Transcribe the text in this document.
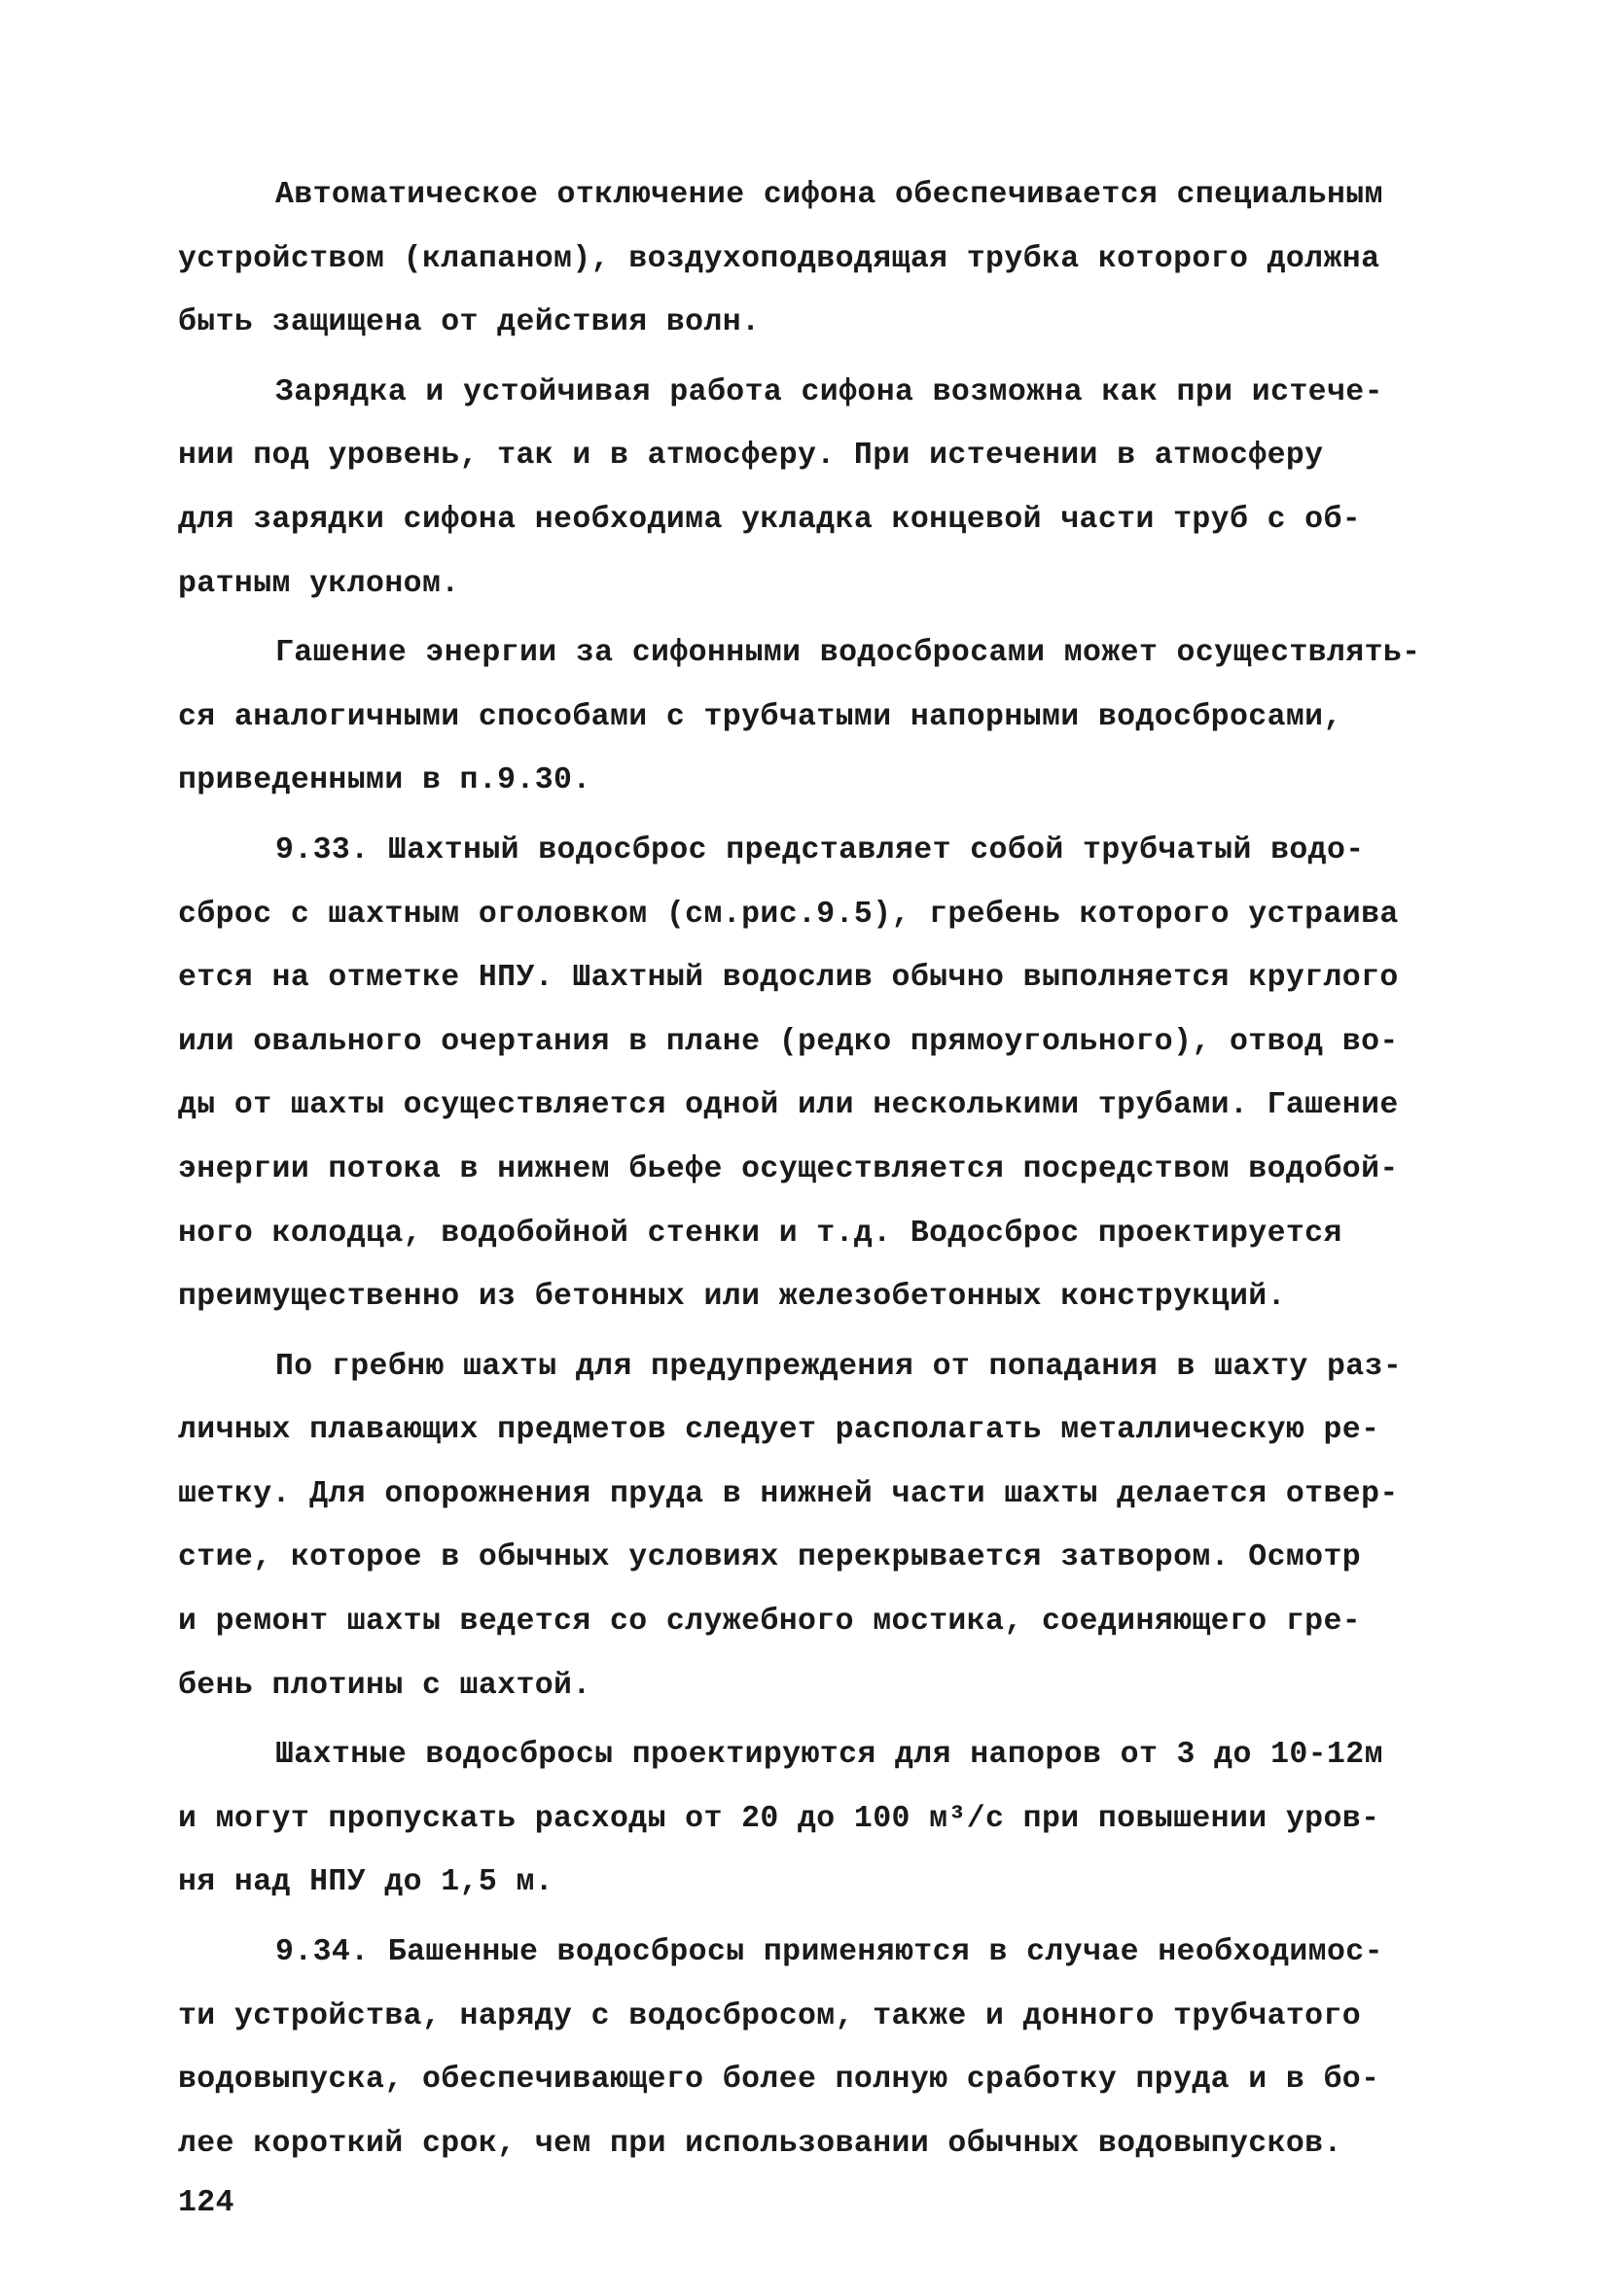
Автоматическое отключение сифона обеспечивается специальным
устройством (клапаном), воздухоподводящая трубка которого должна
быть защищена от действия волн.
Зарядка и устойчивая работа сифона возможна как при истече-
нии под уровень, так и в атмосферу. При истечении в атмосферу
для зарядки сифона необходима укладка концевой части труб с об-
ратным уклоном.
Гашение энергии за сифонными водосбросами может осуществлять-
ся аналогичными способами с трубчатыми напорными водосбросами,
приведенными в п.9.30.
9.33. Шахтный водосброс представляет собой трубчатый водо-
сброс с шахтным оголовком (см.рис.9.5), гребень которого устраива
ется на отметке НПУ. Шахтный водослив обычно выполняется круглого
или овального очертания в плане (редко прямоугольного), отвод во-
ды от шахты осуществляется одной или несколькими трубами. Гашение
энергии потока в нижнем бьефе осуществляется посредством водобой-
ного колодца, водобойной стенки и т.д. Водосброс проектируется
преимущественно из бетонных или железобетонных конструкций.
По гребню шахты для предупреждения от попадания в шахту раз-
личных плавающих предметов следует располагать металлическую ре-
шетку. Для опорожнения пруда в нижней части шахты делается отвер-
стие, которое в обычных условиях перекрывается затвором. Осмотр
и ремонт шахты ведется со служебного мостика, соединяющего гре-
бень плотины с шахтой.
Шахтные водосбросы проектируются для напоров от 3 до 10-12м
и могут пропускать расходы от 20 до 100 м³/с при повышении уров-
ня над НПУ до 1,5 м.
9.34. Башенные водосбросы применяются в случае необходимос-
ти устройства, наряду с водосбросом, также и донного трубчатого
водовыпуска, обеспечивающего более полную сработку пруда и в бо-
лее короткий срок, чем при использовании обычных водовыпусков.
124
